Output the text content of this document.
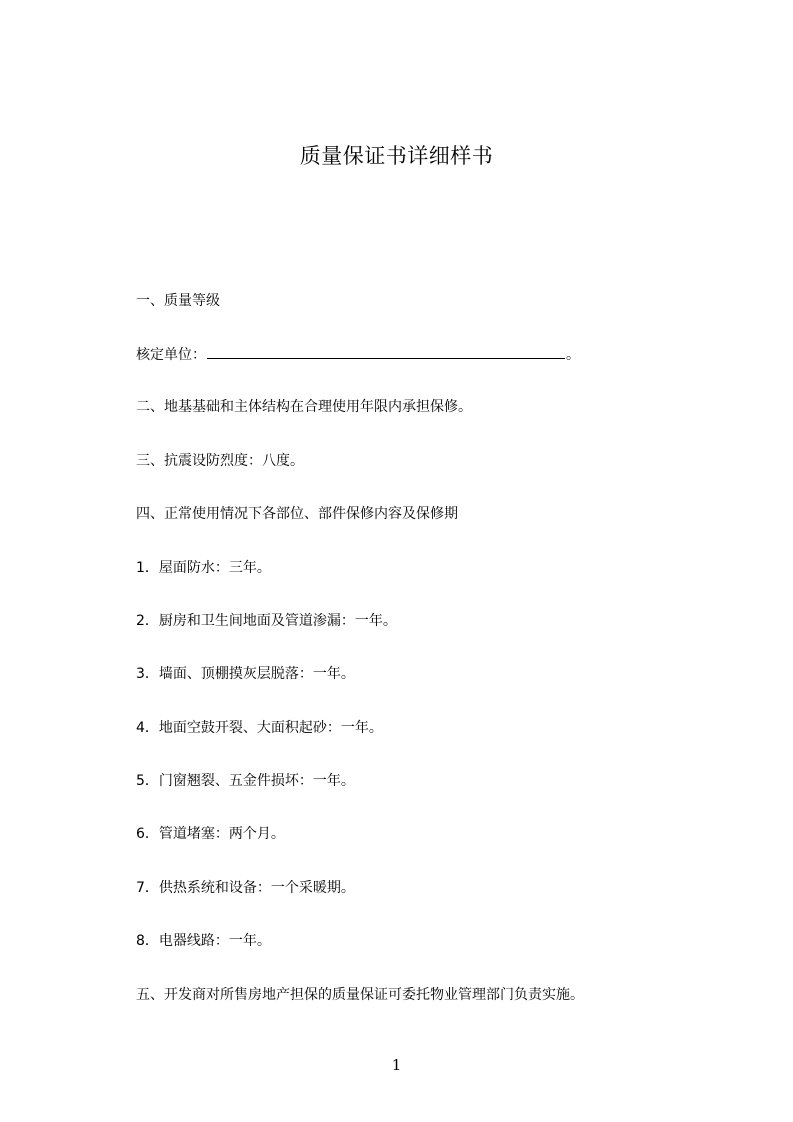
质量保证书详细样书
一、质量等级
核定单位：	。
二、地基基础和主体结构在合理使用年限内承担保修。
三、抗震设防烈度：八度。
四、正常使用情况下各部位、部件保修内容及保修期
1．屋面防水：三年。
2．厨房和卫生间地面及管道渗漏：一年。
3．墙面、顶棚摸灰层脱落：一年。
4．地面空鼓开裂、大面积起砂：一年。
5．门窗翘裂、五金件损坏：一年。
6．管道堵塞：两个月。
7．供热系统和设备：一个采暖期。
8．电器线路：一年。
五、开发商对所售房地产担保的质量保证可委托物业管理部门负责实施。
1
